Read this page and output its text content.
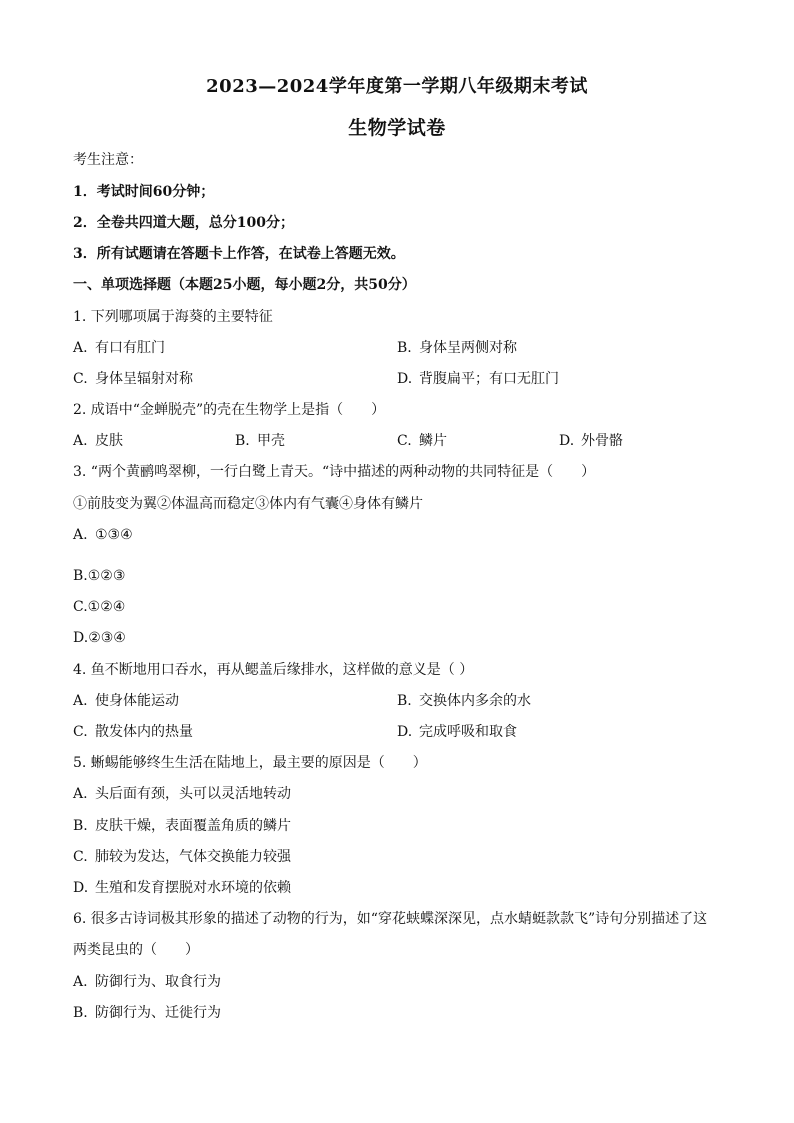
2023—2024学年度第一学期八年级期末考试
生物学试卷
考生注意：
1．考试时间60分钟；
2．全卷共四道大题，总分100分；
3．所有试题请在答题卡上作答，在试卷上答题无效。
一、单项选择题（本题25小题，每小题2分，共50分）
1. 下列哪项属于海葵的主要特征
A. 有口有肛门	B. 身体呈两侧对称
C. 身体呈辐射对称	D. 背腹扁平；有口无肛门
2. 成语中“金蝉脱壳”的壳在生物学上是指（　　）
A. 皮肤	B. 甲壳	C. 鳞片	D. 外骨骼
3. “两个黄鹂鸣翠柳，一行白鹭上青天。“诗中描述的两种动物的共同特征是（　　）
①前肢变为翼②体温高而稳定③体内有气囊④身体有鳞片
A. ①③④
B.①②③
C.①②④
D.②③④
4. 鱼不断地用口吞水，再从鳃盖后缘排水，这样做的意义是（ ）
A. 使身体能运动	B. 交换体内多余的水
C. 散发体内的热量	D. 完成呼吸和取食
5. 蜥蜴能够终生生活在陆地上，最主要的原因是（　　）
A. 头后面有颈，头可以灵活地转动
B. 皮肤干燥，表面覆盖角质的鳞片
C. 肺较为发达，气体交换能力较强
D. 生殖和发育摆脱对水环境的依赖
6. 很多古诗词极其形象的描述了动物的行为，如“穿花蛱蝶深深见，点水蜻蜓款款飞”诗句分别描述了这
两类昆虫的（　　）
A. 防御行为、取食行为
B. 防御行为、迁徙行为
